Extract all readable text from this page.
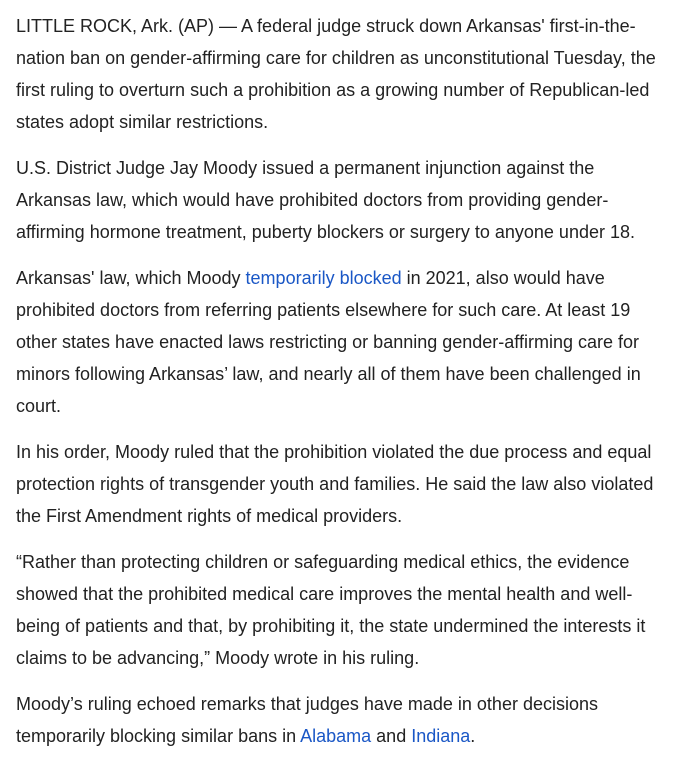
LITTLE ROCK, Ark. (AP) — A federal judge struck down Arkansas' first-in-the-nation ban on gender-affirming care for children as unconstitutional Tuesday, the first ruling to overturn such a prohibition as a growing number of Republican-led states adopt similar restrictions.

U.S. District Judge Jay Moody issued a permanent injunction against the Arkansas law, which would have prohibited doctors from providing gender-affirming hormone treatment, puberty blockers or surgery to anyone under 18.

Arkansas' law, which Moody temporarily blocked in 2021, also would have prohibited doctors from referring patients elsewhere for such care. At least 19 other states have enacted laws restricting or banning gender-affirming care for minors following Arkansas’ law, and nearly all of them have been challenged in court.

In his order, Moody ruled that the prohibition violated the due process and equal protection rights of transgender youth and families. He said the law also violated the First Amendment rights of medical providers.

“Rather than protecting children or safeguarding medical ethics, the evidence showed that the prohibited medical care improves the mental health and well-being of patients and that, by prohibiting it, the state undermined the interests it claims to be advancing,” Moody wrote in his ruling.

Moody’s ruling echoed remarks that judges have made in other decisions temporarily blocking similar bans in Alabama and Indiana.
